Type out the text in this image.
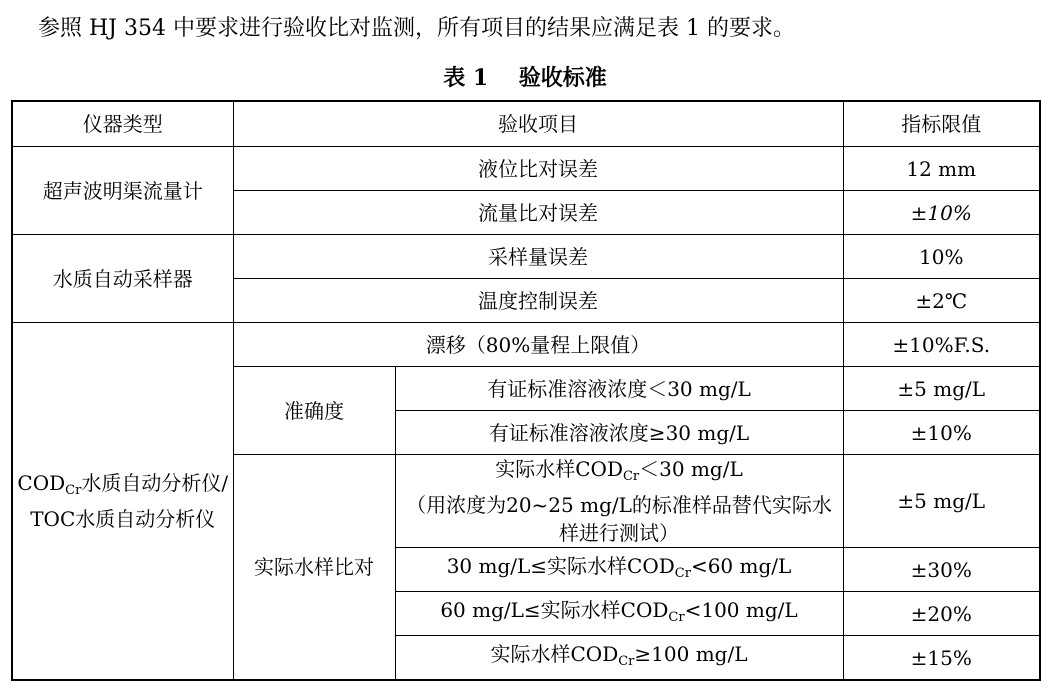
参照 HJ 354 中要求进行验收比对监测，所有项目的结果应满足表 1 的要求。
表 1    验收标准
仪器类型	验收项目		指标限值
超声波明渠流量计	液位比对误差		12 mm
	流量比对误差		±10%
水质自动采样器	采样量误差		10%
	温度控制误差		±2℃
$COD_{Cr}$水质自动分析仪/ TOC水质自动分析仪	漂移（80%量程上限值）		±10%F.S.
	准确度	有证标准溶液浓度＜30 mg/L	±5 mg/L
		有证标准溶液浓度≥30 mg/L	±10%
	实际水样比对	实际水样$COD_{Cr}<30$ mg/L
（用浓度为20~25 mg/L的标准样品替代实际水样进行测试）	±5 mg/L
		30 mg/L≤实际水样$COD_{Cr}<60$ mg/L	±30%
		60 mg/L≤实际水样$COD_{Cr}<100$ mg/L	±20%
		实际水样$COD_{Cr}\ge 100$ mg/L	±15%
